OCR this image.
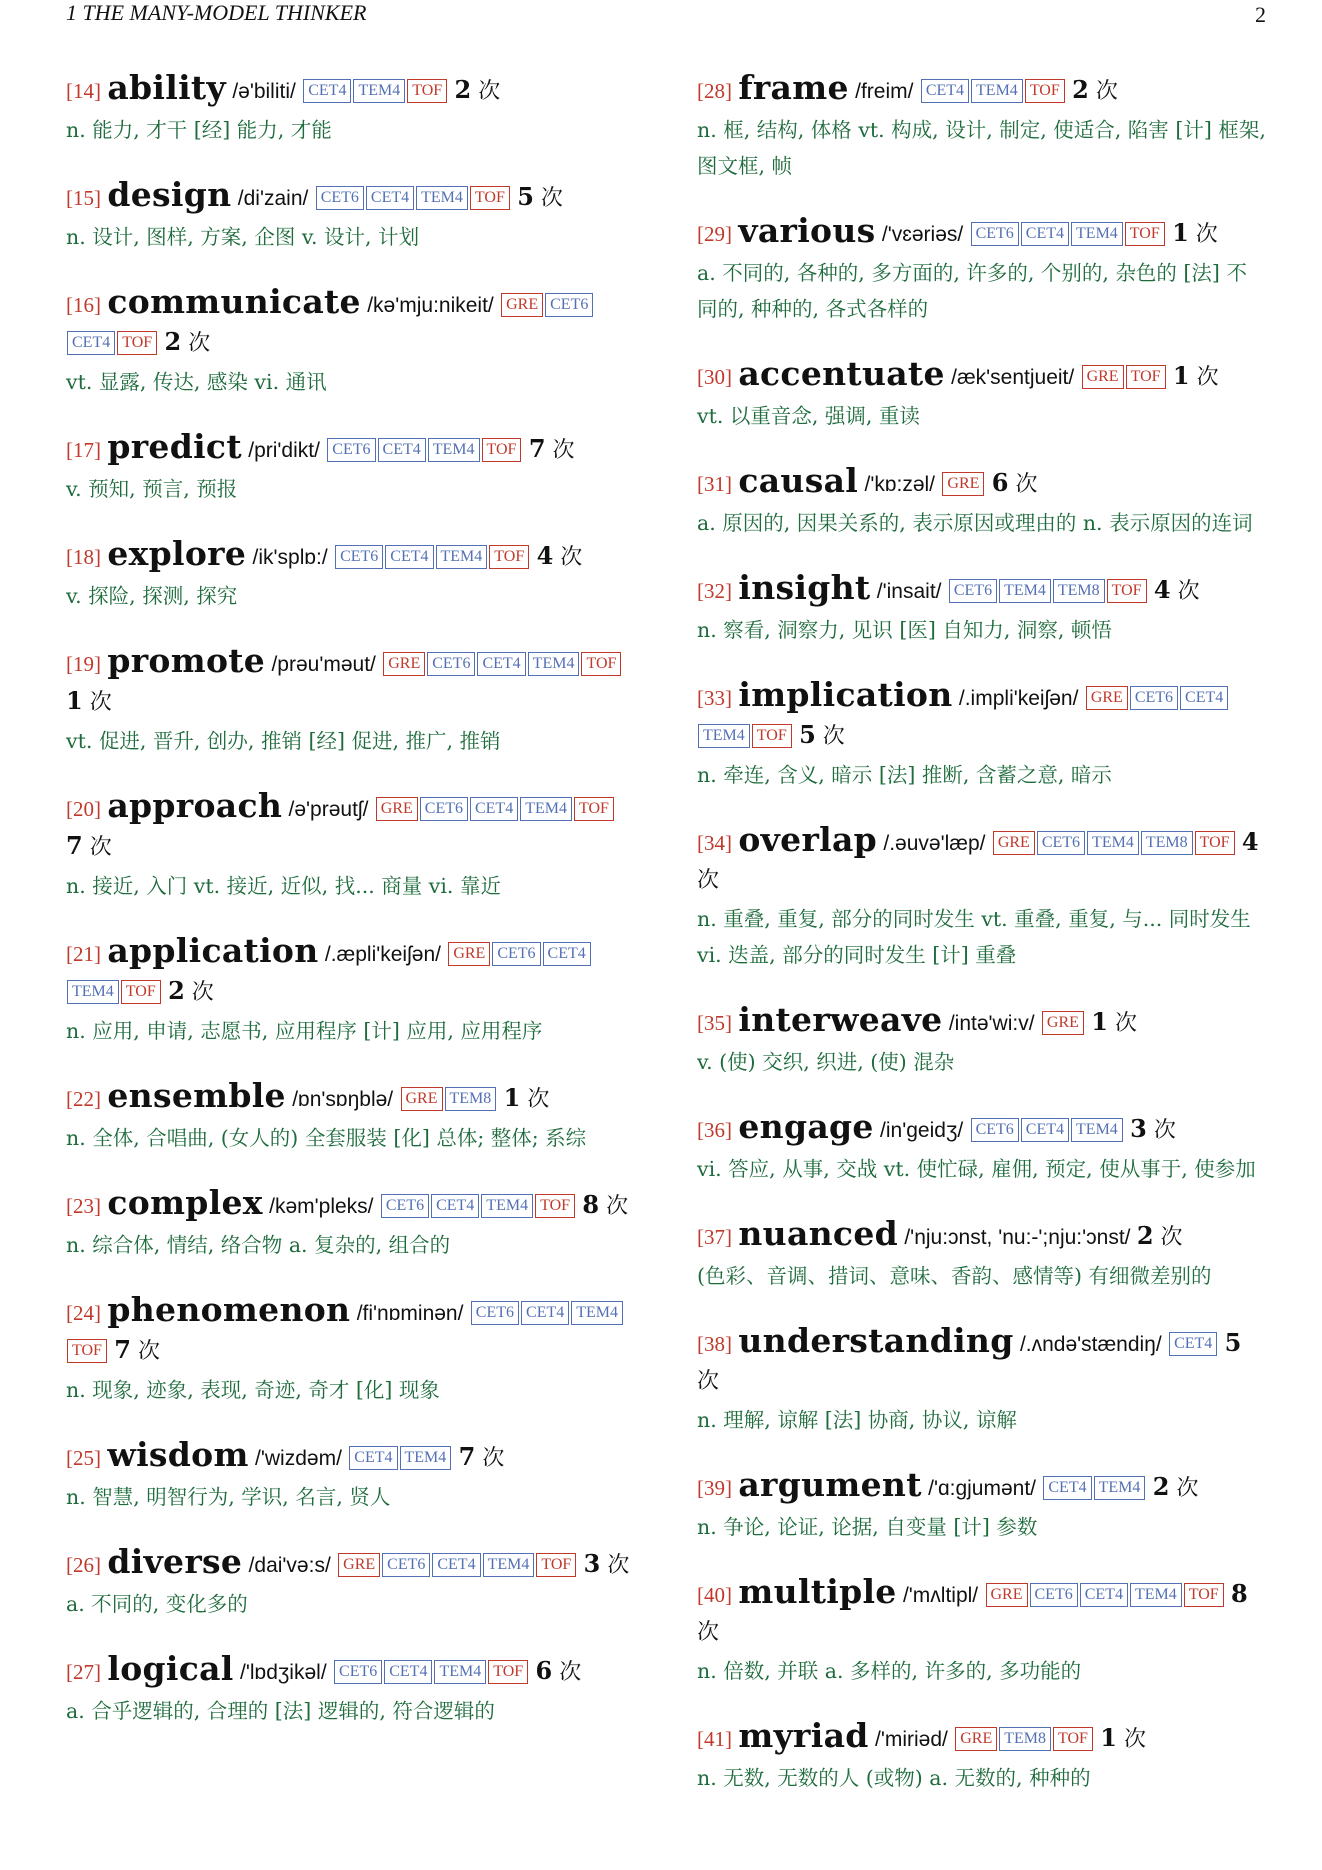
1 THE MANY-MODEL THINKER	2
[14] ability /ə'biliti/ CET4 TEM4 TOF 2 次
n. 能力, 才干 [经] 能力, 才能
[15] design /di'zain/ CET6 CET4 TEM4 TOF 5 次
n. 设计, 图样, 方案, 企图 v. 设计, 计划
[16] communicate /kə'mju:nikeit/ GRE CET6CET4 TOF 2 次
vt. 显露, 传达, 感染 vi. 通讯
[17] predict /pri'dikt/ CET6 CET4 TEM4 TOF 7 次
v. 预知, 预言, 预报
[18] explore /ik'splɒ:/ CET6 CET4 TEM4 TOF 4 次
v. 探险, 探测, 探究
[19] promote /prəu'məut/ GRE CET6 CET4 TEM4 TOF 1 次
vt. 促进, 晋升, 创办, 推销 [经] 促进, 推广, 推销
[20] approach /ə'prəutʃ/ GRE CET6 CET4 TEM4 TOF 7 次
n. 接近, 入门 vt. 接近, 近似, 找... 商量 vi. 靠近
[21] application /.æpli'keiʃən/ GRE CET6 CET4TEM4 TOF 2 次
n. 应用, 申请, 志愿书, 应用程序 [计] 应用, 应用程序
[22] ensemble /ɒn'sɒŋblə/ GRE TEM8 1 次
n. 全体, 合唱曲, (女人的) 全套服装 [化] 总体; 整体; 系综
[23] complex /kəm'pleks/ CET6 CET4 TEM4 TOF 8 次
n. 综合体, 情结, 络合物 a. 复杂的, 组合的
[24] phenomenon /fi'nɒminən/ CET6 CET4 TEM4TOF 7 次
n. 现象, 迹象, 表现, 奇迹, 奇才 [化] 现象
[25] wisdom /'wizdəm/ CET4 TEM4 7 次
n. 智慧, 明智行为, 学识, 名言, 贤人
[26] diverse /dai'və:s/ GRE CET6 CET4 TEM4 TOF 3 次
a. 不同的, 变化多的
[27] logical /'lɒdʒikəl/ CET6 CET4 TEM4 TOF 6 次
a. 合乎逻辑的, 合理的 [法] 逻辑的, 符合逻辑的
[28] frame /freim/ CET4 TEM4 TOF 2 次
n. 框, 结构, 体格 vt. 构成, 设计, 制定, 使适合, 陷害 [计] 框架, 图文框, 帧
[29] various /'vɛəriəs/ CET6 CET4 TEM4 TOF 1 次
a. 不同的, 各种的, 多方面的, 许多的, 个别的, 杂色的 [法] 不同的, 种种的, 各式各样的
[30] accentuate /æk'sentjueit/ GRE TOF 1 次
vt. 以重音念, 强调, 重读
[31] causal /'kɒ:zəl/ GRE 6 次
a. 原因的, 因果关系的, 表示原因或理由的 n. 表示原因的连词
[32] insight /'insait/ CET6 TEM4 TEM8 TOF 4 次
n. 察看, 洞察力, 见识 [医] 自知力, 洞察, 顿悟
[33] implication /.impli'keiʃən/ GRE CET6 CET4TEM4 TOF 5 次
n. 牵连, 含义, 暗示 [法] 推断, 含蓄之意, 暗示
[34] overlap /.əuvə'læp/ GRE CET6 TEM4 TEM8 TOF 4 次
n. 重叠, 重复, 部分的同时发生 vt. 重叠, 重复, 与... 同时发生 vi. 迭盖, 部分的同时发生 [计] 重叠
[35] interweave /intə'wi:v/ GRE 1 次
v. (使) 交织, 织进, (使) 混杂
[36] engage /in'geidʒ/ CET6 CET4 TEM4 3 次
vi. 答应, 从事, 交战 vt. 使忙碌, 雇佣, 预定, 使从事于, 使参加
[37] nuanced /'nju:ɔnst, 'nu:-';nju:'ɔnst/ 2 次
(色彩、音调、措词、意味、香韵、感情等) 有细微差别的
[38] understanding /.ʌndə'stændiŋ/ CET4 5 次
n. 理解, 谅解 [法] 协商, 协议, 谅解
[39] argument /'ɑ:gjumənt/ CET4 TEM4 2 次
n. 争论, 论证, 论据, 自变量 [计] 参数
[40] multiple /'mʌltipl/ GRE CET6 CET4 TEM4 TOF 8 次
n. 倍数, 并联 a. 多样的, 许多的, 多功能的
[41] myriad /'miriəd/ GRE TEM8 TOF 1 次
n. 无数, 无数的人 (或物) a. 无数的, 种种的
